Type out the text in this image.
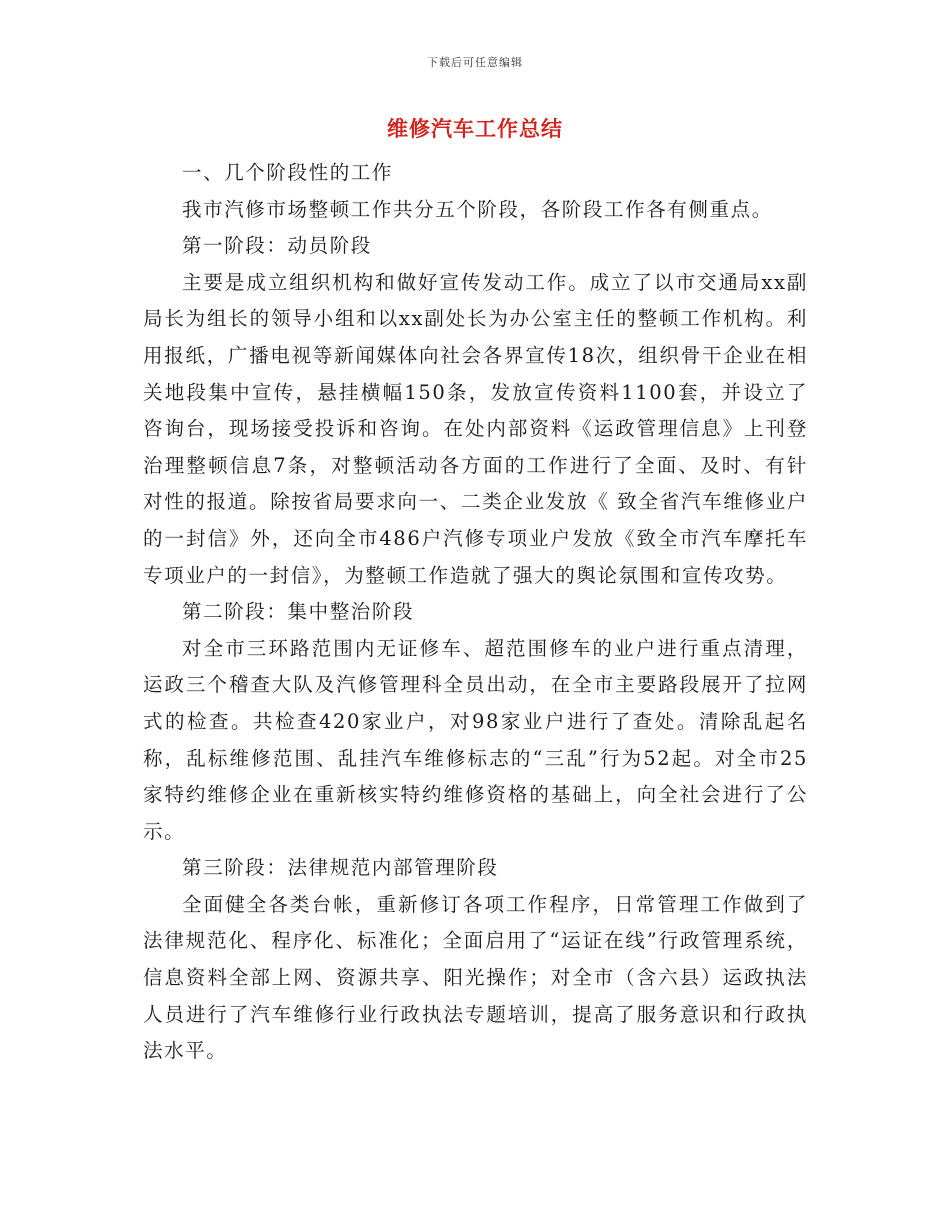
下载后可任意编辑
维修汽车工作总结

一、几个阶段性的工作

我市汽修市场整顿工作共分五个阶段，各阶段工作各有侧重点。

第一阶段：动员阶段

主要是成立组织机构和做好宣传发动工作。成立了以市交通局xx副局长为组长的领导小组和以xx副处长为办公室主任的整顿工作机构。利用报纸，广播电视等新闻媒体向社会各界宣传18次，组织骨干企业在相关地段集中宣传，悬挂横幅150条，发放宣传资料1100套，并设立了咨询台，现场接受投诉和咨询。在处内部资料《运政管理信息》上刊登治理整顿信息7条，对整顿活动各方面的工作进行了全面、及时、有针对性的报道。除按省局要求向一、二类企业发放《 致全省汽车维修业户的一封信》外，还向全市486户汽修专项业户发放《致全市汽车摩托车专项业户的一封信》，为整顿工作造就了强大的舆论氛围和宣传攻势。

第二阶段：集中整治阶段

对全市三环路范围内无证修车、超范围修车的业户进行重点清理，运政三个稽查大队及汽修管理科全员出动，在全市主要路段展开了拉网式的检查。共检查420家业户，对98家业户进行了查处。清除乱起名称，乱标维修范围、乱挂汽车维修标志的“三乱”行为52起。对全市25家特约维修企业在重新核实特约维修资格的基础上，向全社会进行了公示。

第三阶段：法律规范内部管理阶段

全面健全各类台帐，重新修订各项工作程序，日常管理工作做到了法律规范化、程序化、标准化；全面启用了“运证在线”行政管理系统，信息资料全部上网、资源共享、阳光操作；对全市（含六县）运政执法人员进行了汽车维修行业行政执法专题培训，提高了服务意识和行政执法水平。
